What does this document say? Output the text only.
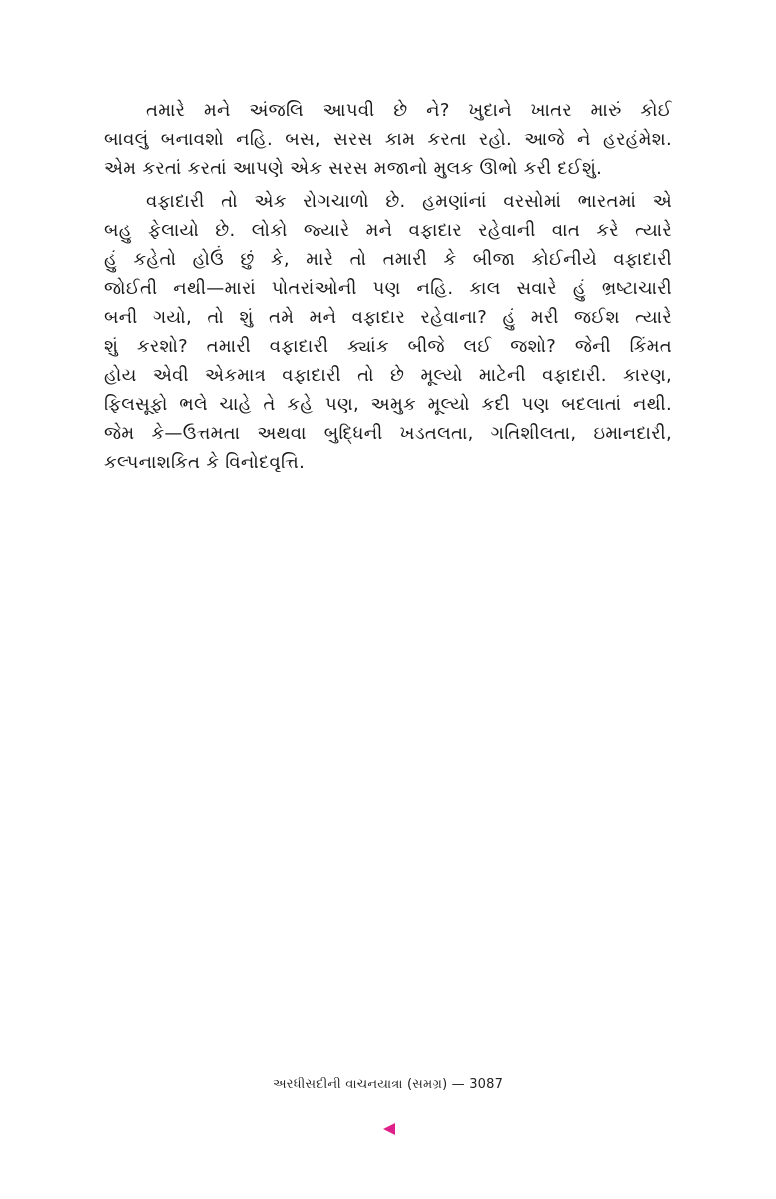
તમારે મને અંજલિ આપવી છે ને? ખુદાને ખાતર મારું કોઈ
બાવલું બનાવશો નહિ. બસ, સરસ કામ કરતા રહો. આજે ને હરહંમેશ.
એમ કરતાં કરતાં આપણે એક સરસ મજાનો મુલક ઊભો કરી દઈશું.

વફાદારી તો એક રોગચાળો છે. હમણાંનાં વરસોમાં ભારતમાં એ
બહુ ફેલાયો છે. લોકો જ્યારે મને વફાદાર રહેવાની વાત કરે ત્યારે
હું કહેતો હોઉં છું કે, મારે તો તમારી કે બીજા કોઈનીયે વફાદારી
જોઈતી નથી—મારાં પોતરાંઓની પણ નહિ. કાલ સવારે હું ભ્રષ્ટાચારી
બની ગયો, તો શું તમે મને વફાદાર રહેવાના? હું મરી જઈશ ત્યારે
શું કરશો? તમારી વફાદારી ક્યાંક બીજે લઈ જશો? જેની કિંમત
હોય એવી એકમાત્ર વફાદારી તો છે મૂલ્યો માટેની વફાદારી. કારણ,
ફિલસૂફો ભલે ચાહે તે કહે પણ, અમુક મૂલ્યો કદી પણ બદલાતાં નથી.
જેમ કે—ઉત્તમતા અથવા બુદ્ધિની ખડતલતા, ગતિશીલતા, ઇમાનદારી,
કલ્પનાશકિત કે વિનોદવૃત્તિ.

અરધીસદીની વાચનયાત્રા (સમગ્ર) — 3087
